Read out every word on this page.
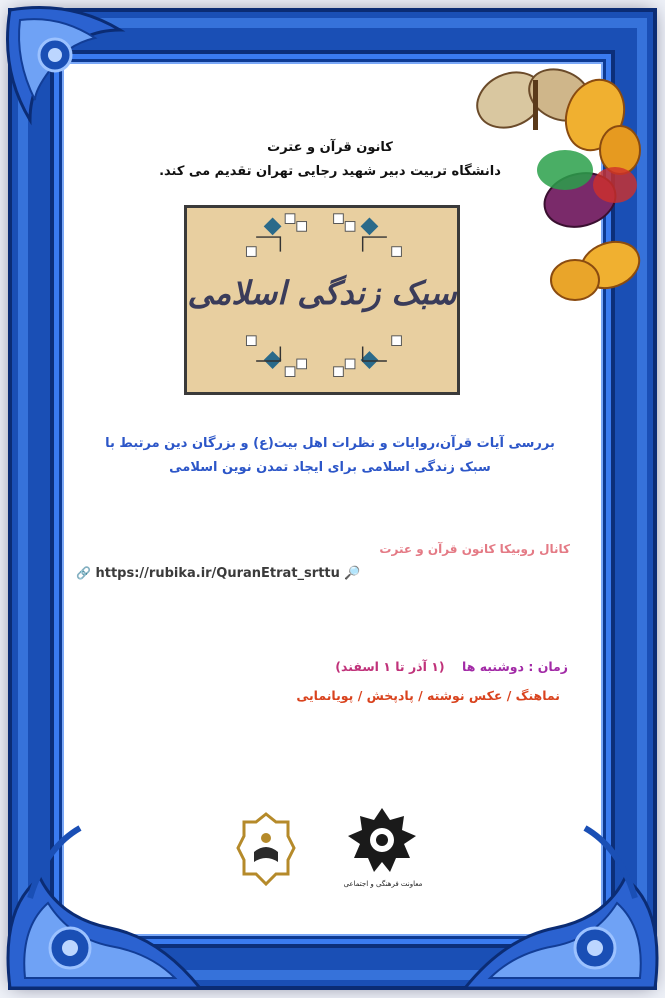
کانون قرآن و عترت
دانشگاه تربیت دبیر شهید رجایی تهران تقدیم می کند.
سبک زندگی اسلامی
بررسی آیات قرآن،روایات و نظرات اهل بیت(ع) و بزرگان دین مرتبط با
سبک زندگی اسلامی برای ایجاد تمدن نوین اسلامی
کانال روبیکا کانون قرآن و عترت
🔗 https://rubika.ir/QuranEtrat_srttu 🔎
زمان : دوشنبه ها    (۱ آذر تا ۱ اسفند)
نماهنگ / عکس نوشته / پادپخش / پویانمایی
معاونت فرهنگی و اجتماعی
